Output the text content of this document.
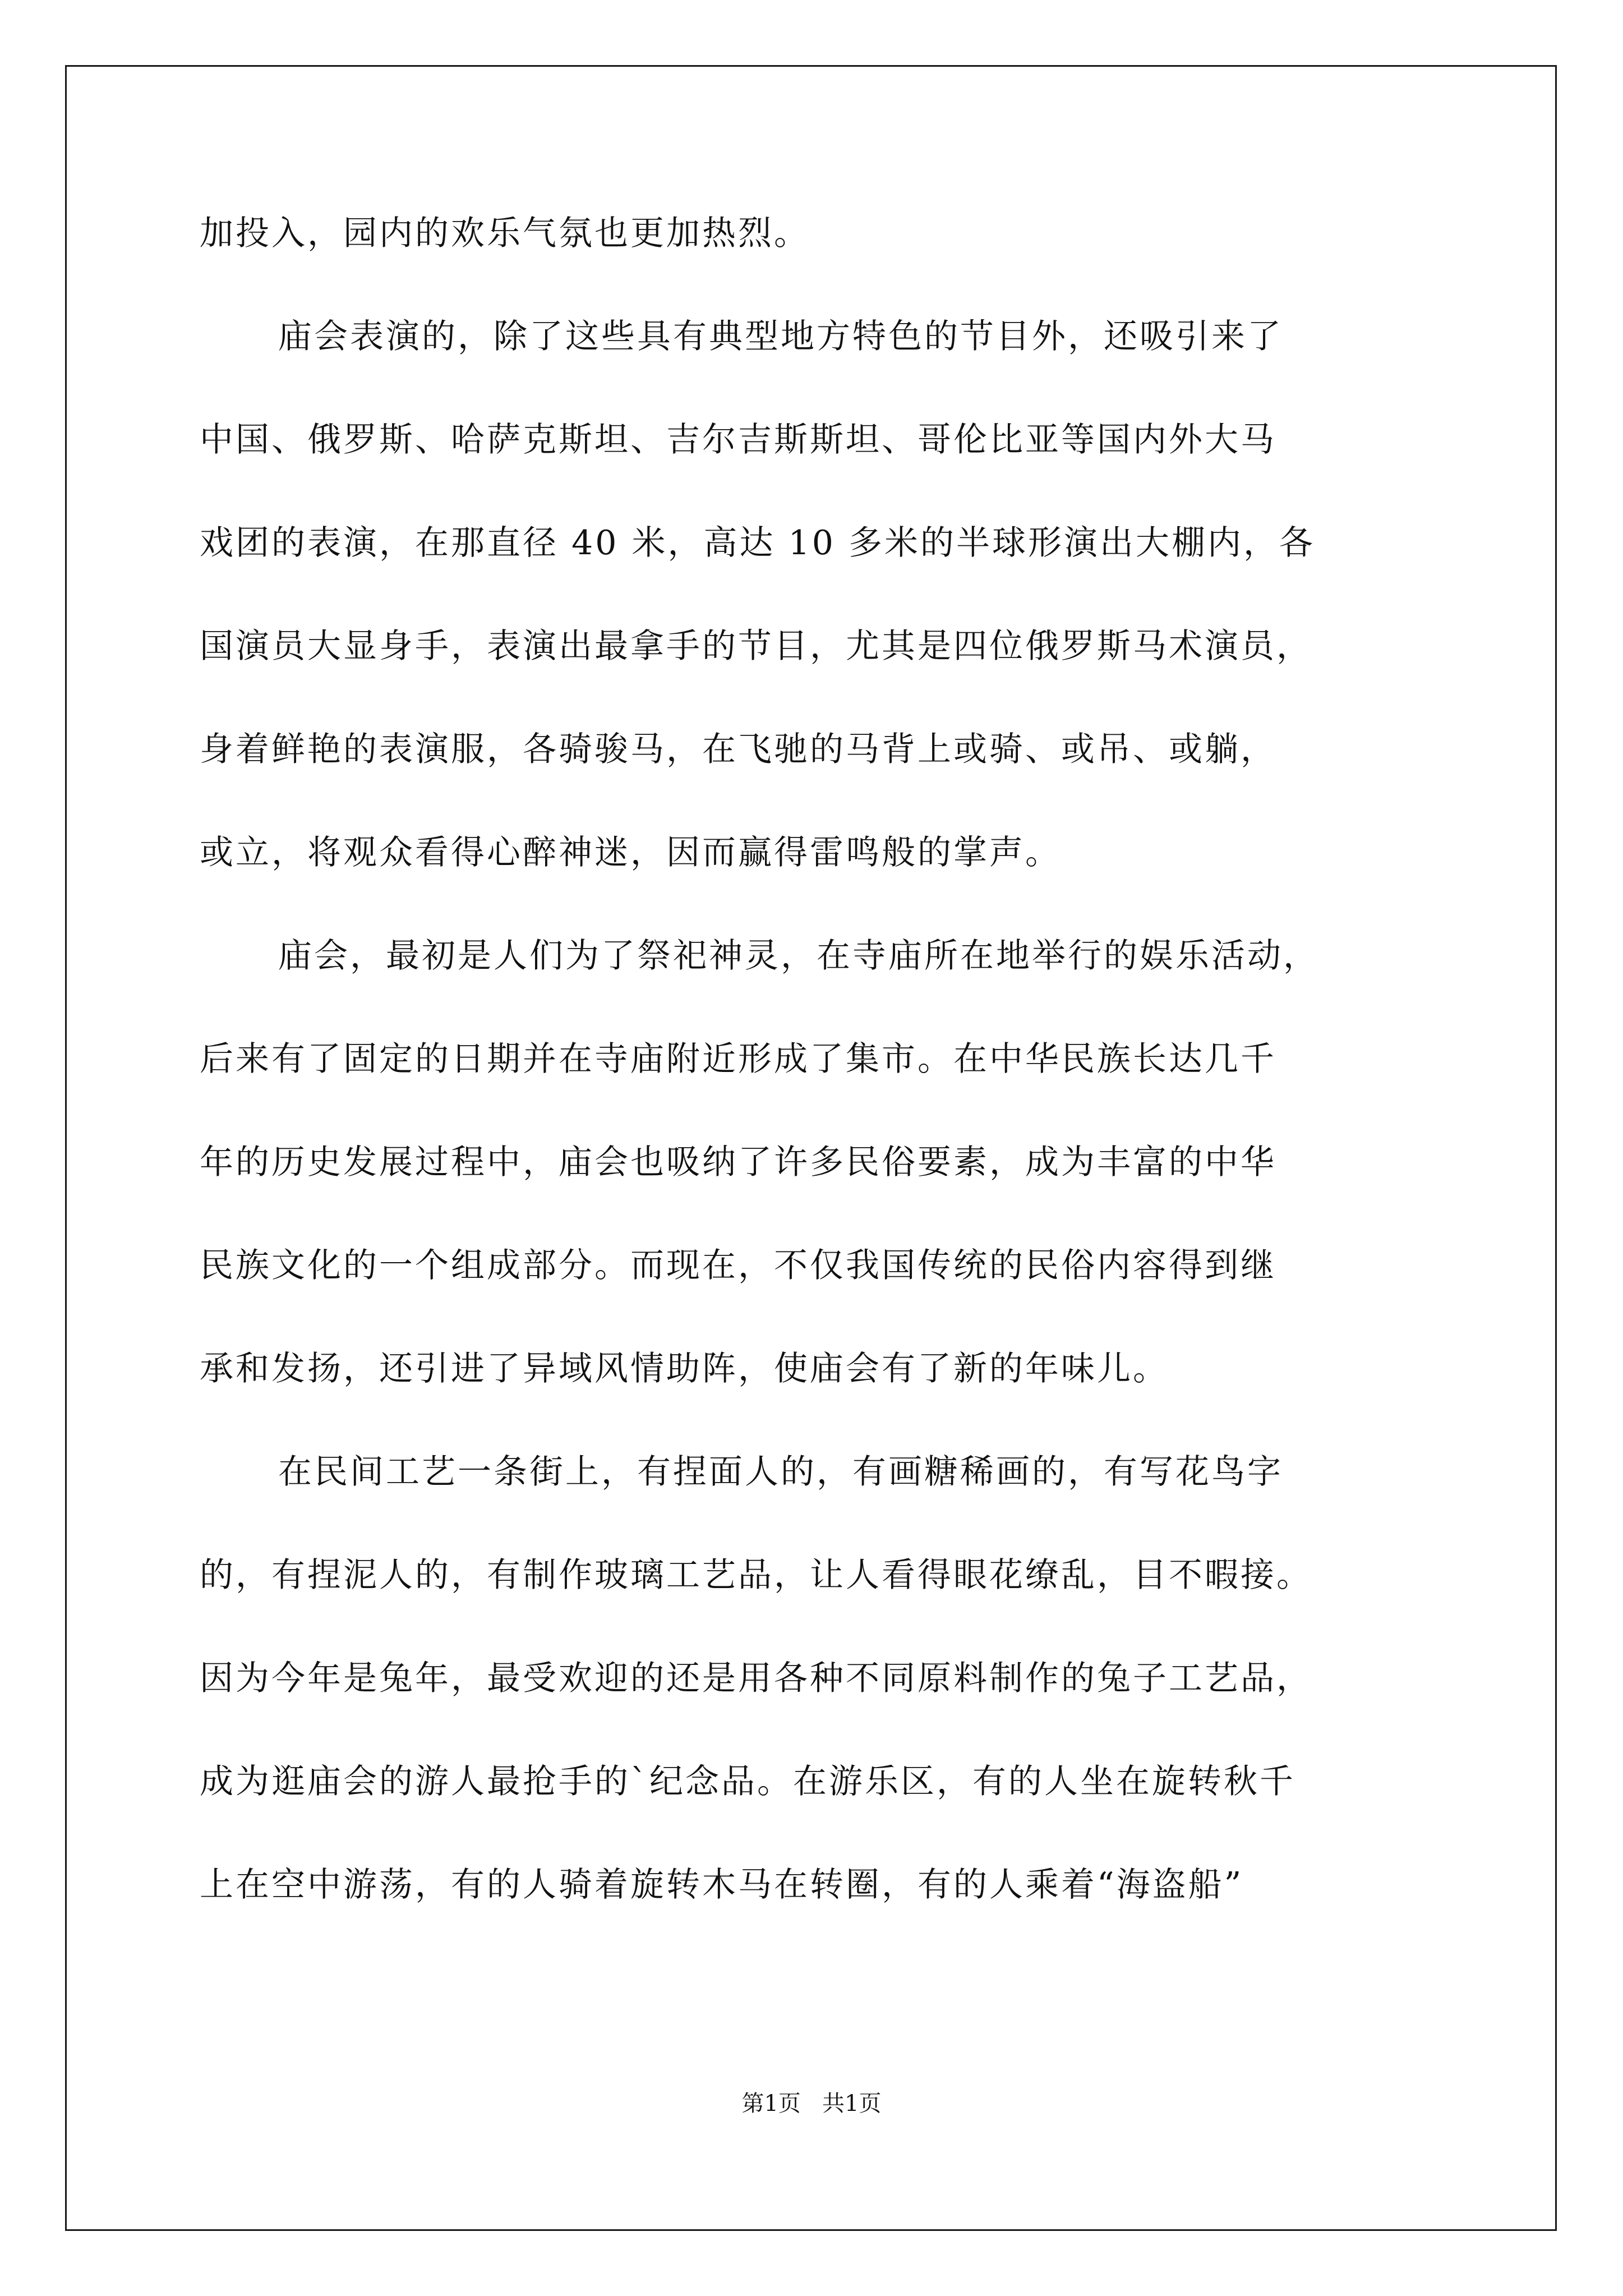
加投入，园内的欢乐气氛也更加热烈。
庙会表演的，除了这些具有典型地方特色的节目外，还吸引来了
中国、俄罗斯、哈萨克斯坦、吉尔吉斯斯坦、哥伦比亚等国内外大马
戏团的表演，在那直径 40 米，高达 10 多米的半球形演出大棚内，各
国演员大显身手，表演出最拿手的节目，尤其是四位俄罗斯马术演员，
身着鲜艳的表演服，各骑骏马，在飞驰的马背上或骑、或吊、或躺，
或立，将观众看得心醉神迷，因而赢得雷鸣般的掌声。
庙会，最初是人们为了祭祀神灵，在寺庙所在地举行的娱乐活动，
后来有了固定的日期并在寺庙附近形成了集市。在中华民族长达几千
年的历史发展过程中，庙会也吸纳了许多民俗要素，成为丰富的中华
民族文化的一个组成部分。而现在，不仅我国传统的民俗内容得到继
承和发扬，还引进了异域风情助阵，使庙会有了新的年味儿。
在民间工艺一条街上，有捏面人的，有画糖稀画的，有写花鸟字
的，有捏泥人的，有制作玻璃工艺品，让人看得眼花缭乱，目不暇接。
因为今年是兔年，最受欢迎的还是用各种不同原料制作的兔子工艺品，
成为逛庙会的游人最抢手的`纪念品。在游乐区，有的人坐在旋转秋千
上在空中游荡，有的人骑着旋转木马在转圈，有的人乘着“海盗船”
第1页   共1页
